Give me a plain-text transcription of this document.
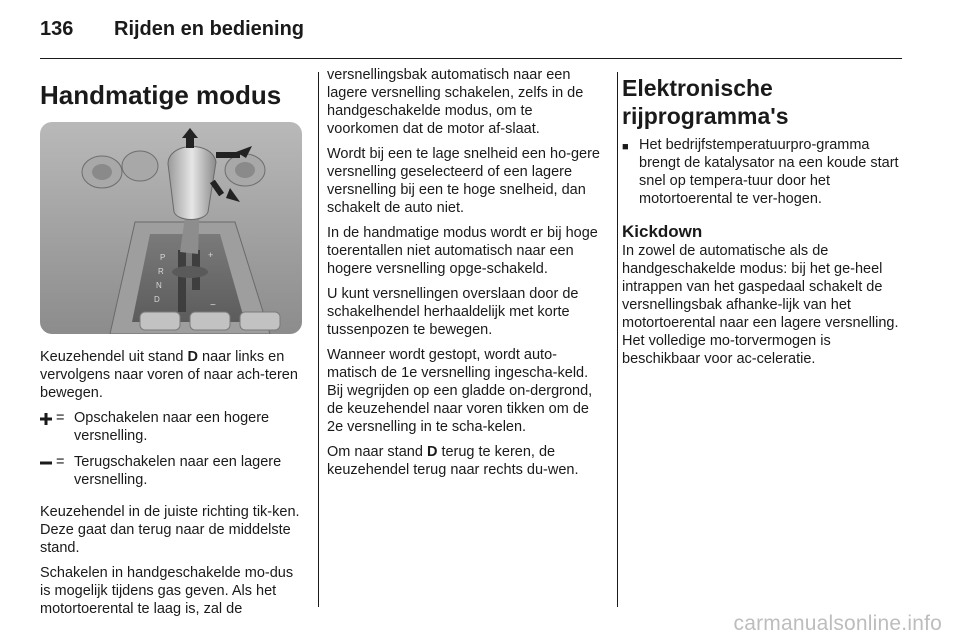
136	Rijden en bediening
Handmatige modus
P
R
N
D
+
−

Keuzehendel uit stand D naar links en vervolgens naar voren of naar ach-teren bewegen.

= Opschakelen naar een hogere versnelling.
= Terugschakelen naar een lagere versnelling.

Keuzehendel in de juiste richting tik-ken. Deze gaat dan terug naar de middelste stand.

Schakelen in handgeschakelde mo-dus is mogelijk tijdens gas geven. Als het motortoerental te laag is, zal de

versnellingsbak automatisch naar een lagere versnelling schakelen, zelfs in de handgeschakelde modus, om te voorkomen dat de motor af-slaat.

Wordt bij een te lage snelheid een ho-gere versnelling geselecteerd of een lagere versnelling bij een te hoge snelheid, dan schakelt de auto niet.

In de handmatige modus wordt er bij hoge toerentallen niet automatisch naar een hogere versnelling opge-schakeld.

U kunt versnellingen overslaan door de schakelhendel herhaaldelijk met korte tussenpozen te bewegen.

Wanneer wordt gestopt, wordt auto-matisch de 1e versnelling ingescha-keld. Bij wegrijden op een gladde on-dergrond, de keuzehendel naar voren tikken om de 2e versnelling in te scha-kelen.

Om naar stand D terug te keren, de keuzehendel terug naar rechts du-wen.

Elektronische
rijprogramma's
■ Het bedrijfstemperatuurpro-gramma brengt de katalysator na een koude start snel op tempera-tuur door het motortoerental te ver-hogen.
Kickdown

In zowel de automatische als de handgeschakelde modus: bij het ge-heel intrappen van het gaspedaal schakelt de versnellingsbak afhanke-lijk van het motortoerental naar een lagere versnelling. Het volledige mo-torvermogen is beschikbaar voor ac-celeratie.

carmanualsonline.info
